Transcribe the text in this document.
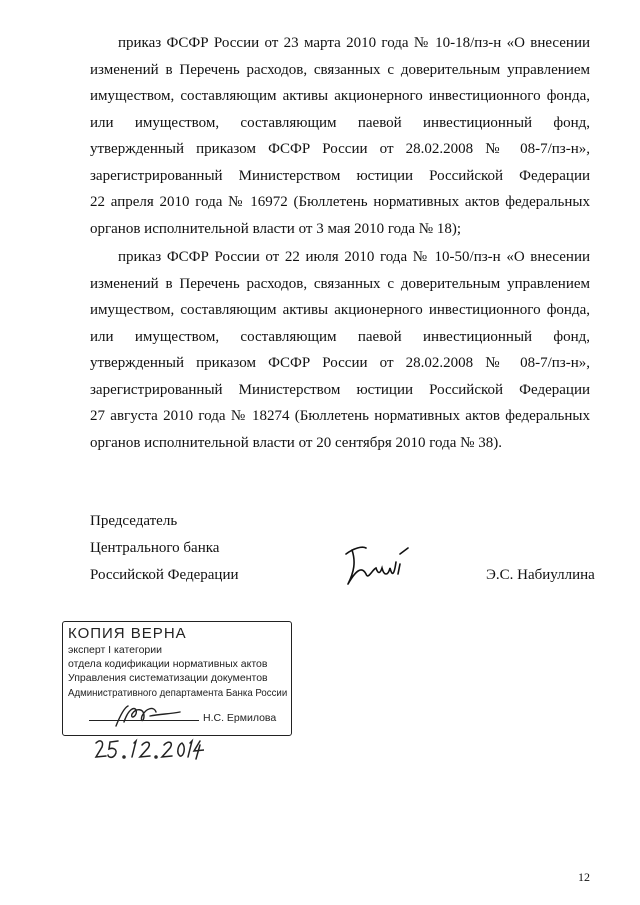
приказ ФСФР России от 23 марта 2010 года № 10-18/пз-н «О внесении
изменений в Перечень расходов, связанных с доверительным управлением
имуществом, составляющим активы акционерного инвестиционного фонда,
или имуществом, составляющим паевой инвестиционный фонд,
утвержденный приказом ФСФР России от 28.02.2008 № 08-7/пз-н»,
зарегистрированный Министерством юстиции Российской Федерации
22 апреля 2010 года № 16972 (Бюллетень нормативных актов федеральных
органов исполнительной власти от 3 мая 2010 года № 18);
приказ ФСФР России от 22 июля 2010 года № 10-50/пз-н «О внесении
изменений в Перечень расходов, связанных с доверительным управлением
имуществом, составляющим активы акционерного инвестиционного фонда,
или имуществом, составляющим паевой инвестиционный фонд,
утвержденный приказом ФСФР России от 28.02.2008 № 08-7/пз-н»,
зарегистрированный Министерством юстиции Российской Федерации
27 августа 2010 года № 18274 (Бюллетень нормативных актов федеральных
органов исполнительной власти от 20 сентября 2010 года № 38).
Председатель
Центрального банка
Российской Федерации	Э.С. Набиуллина
КОПИЯ ВЕРНА
эксперт I категории
отдела кодификации нормативных актов
Управления систематизации документов
Административного департамента Банка России
Н.С. Ермилова
12
